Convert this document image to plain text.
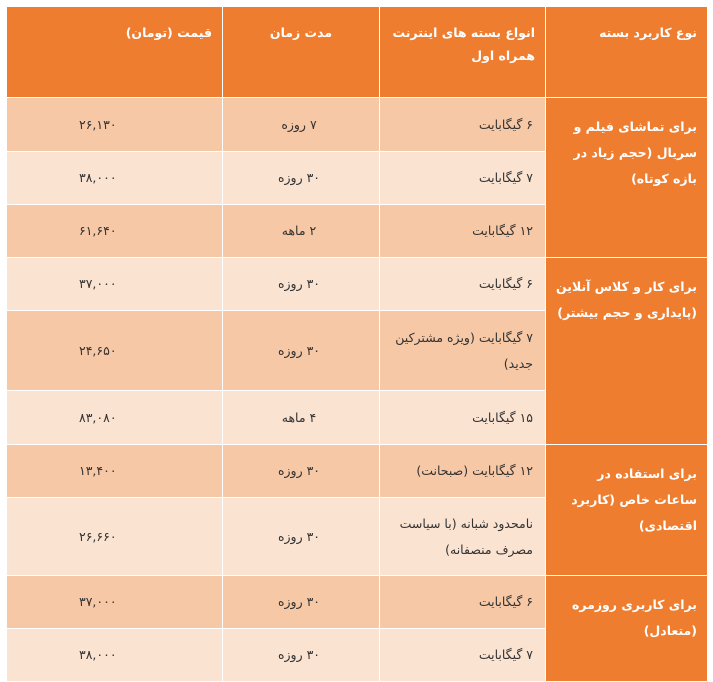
نوع کاربرد بسته	انواع بسته های اینترنت همراه اول	مدت زمان	قیمت (تومان)
برای تماشای فیلم و سریال (حجم زیاد در بازه کوتاه)	۶ گیگابایت	۷ روزه	۲۶,۱۳۰
	۷ گیگابایت	۳۰ روزه	۳۸,۰۰۰
	۱۲ گیگابایت	۲ ماهه	۶۱,۶۴۰
برای کار و کلاس آنلاین (پایداری و حجم بیشتر)	۶ گیگابایت	۳۰ روزه	۳۷,۰۰۰
	۷ گیگابایت (ویژه مشترکین جدید)	۳۰ روزه	۲۴,۶۵۰
	۱۵ گیگابایت	۴ ماهه	۸۳,۰۸۰
برای استفاده در ساعات خاص (کاربرد اقتصادی)	۱۲ گیگابایت (صبحانت)	۳۰ روزه	۱۳,۴۰۰
	نامحدود شبانه (با سیاست مصرف منصفانه)	۳۰ روزه	۲۶,۶۶۰
برای کاربری روزمره (متعادل)	۶ گیگابایت	۳۰ روزه	۳۷,۰۰۰
	۷ گیگابایت	۳۰ روزه	۳۸,۰۰۰
